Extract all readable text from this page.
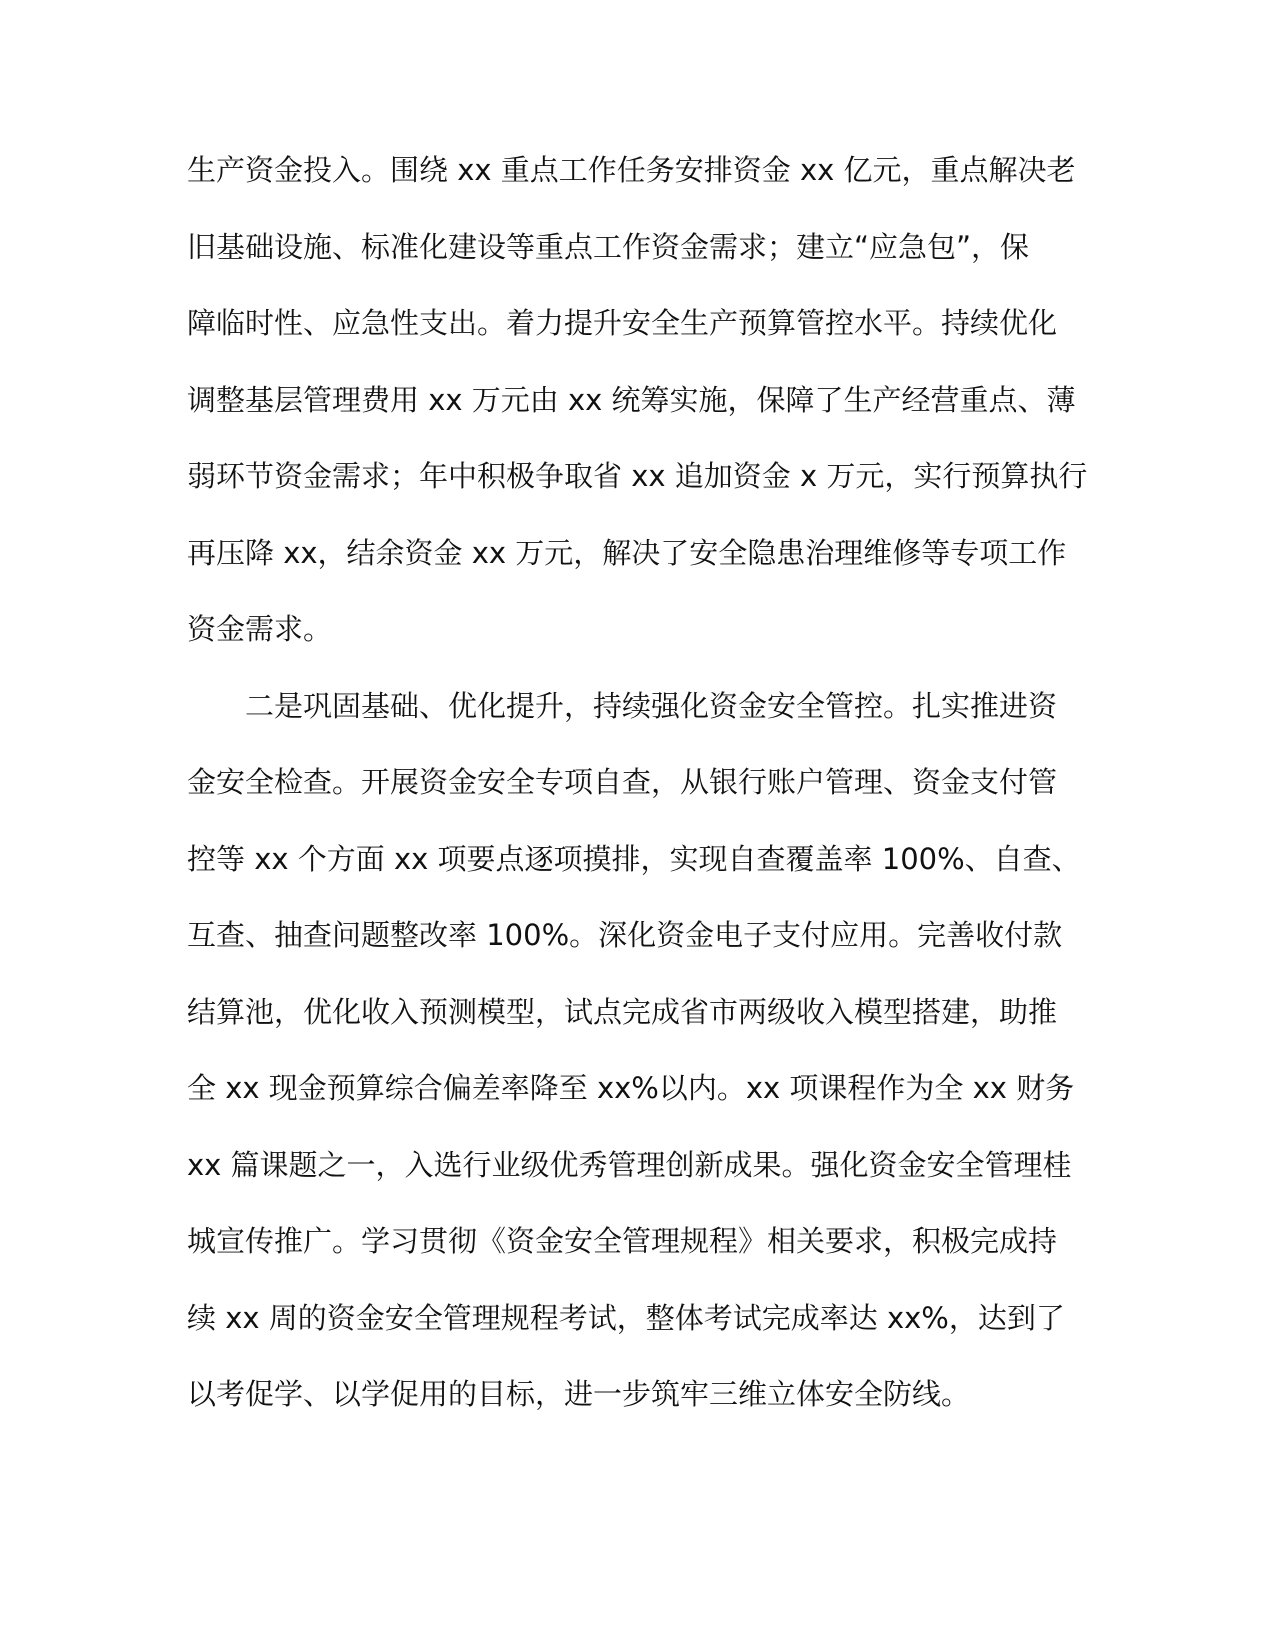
生产资金投入。围绕 xx 重点工作任务安排资金 xx 亿元，重点解决老
旧基础设施、标准化建设等重点工作资金需求；建立“应急包”，保
障临时性、应急性支出。着力提升安全生产预算管控水平。持续优化
调整基层管理费用 xx 万元由 xx 统筹实施，保障了生产经营重点、薄
弱环节资金需求；年中积极争取省 xx 追加资金 x 万元，实行预算执行
再压降 xx，结余资金 xx 万元，解决了安全隐患治理维修等专项工作
资金需求。
二是巩固基础、优化提升，持续强化资金安全管控。扎实推进资
金安全检查。开展资金安全专项自查，从银行账户管理、资金支付管
控等 xx 个方面 xx 项要点逐项摸排，实现自查覆盖率 100%、自查、
互查、抽查问题整改率 100%。深化资金电子支付应用。完善收付款
结算池，优化收入预测模型，试点完成省市两级收入模型搭建，助推
全 xx 现金预算综合偏差率降至 xx%以内。xx 项课程作为全 xx 财务
xx 篇课题之一，入选行业级优秀管理创新成果。强化资金安全管理桂
城宣传推广。学习贯彻《资金安全管理规程》相关要求，积极完成持
续 xx 周的资金安全管理规程考试，整体考试完成率达 xx%，达到了
以考促学、以学促用的目标，进一步筑牢三维立体安全防线。
